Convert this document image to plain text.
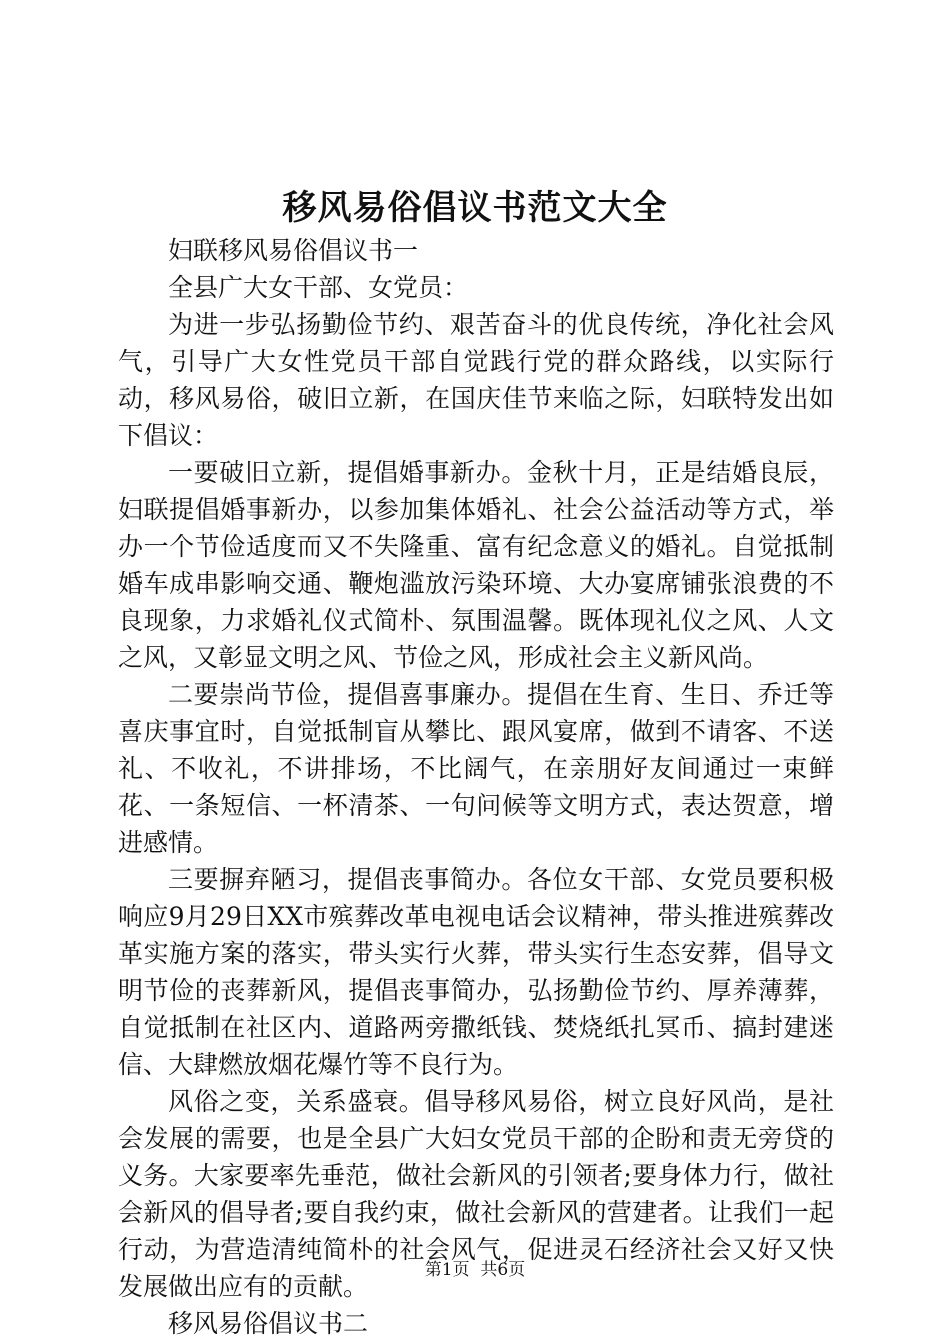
移风易俗倡议书范文大全

妇联移风易俗倡议书一

全县广大女干部、女党员：

为进一步弘扬勤俭节约、艰苦奋斗的优良传统，净化社会风气，引导广大女性党员干部自觉践行党的群众路线，以实际行动，移风易俗，破旧立新，在国庆佳节来临之际，妇联特发出如下倡议：

一要破旧立新，提倡婚事新办。金秋十月，正是结婚良辰，妇联提倡婚事新办，以参加集体婚礼、社会公益活动等方式，举办一个节俭适度而又不失隆重、富有纪念意义的婚礼。自觉抵制婚车成串影响交通、鞭炮滥放污染环境、大办宴席铺张浪费的不良现象，力求婚礼仪式简朴、氛围温馨。既体现礼仪之风、人文之风，又彰显文明之风、节俭之风，形成社会主义新风尚。

二要崇尚节俭，提倡喜事廉办。提倡在生育、生日、乔迁等喜庆事宜时，自觉抵制盲从攀比、跟风宴席，做到不请客、不送礼、不收礼，不讲排场，不比阔气，在亲朋好友间通过一束鲜花、一条短信、一杯清茶、一句问候等文明方式，表达贺意，增进感情。

三要摒弃陋习，提倡丧事简办。各位女干部、女党员要积极响应9月29日XX市殡葬改革电视电话会议精神，带头推进殡葬改革实施方案的落实，带头实行火葬，带头实行生态安葬，倡导文明节俭的丧葬新风，提倡丧事简办，弘扬勤俭节约、厚养薄葬，自觉抵制在社区内、道路两旁撒纸钱、焚烧纸扎冥币、搞封建迷信、大肆燃放烟花爆竹等不良行为。

风俗之变，关系盛衰。倡导移风易俗，树立良好风尚，是社会发展的需要，也是全县广大妇女党员干部的企盼和责无旁贷的义务。大家要率先垂范，做社会新风的引领者;要身体力行，做社会新风的倡导者;要自我约束，做社会新风的营建者。让我们一起行动，为营造清纯简朴的社会风气，促进灵石经济社会又好又快发展做出应有的贡献。

移风易俗倡议书二

第1页 共6页
